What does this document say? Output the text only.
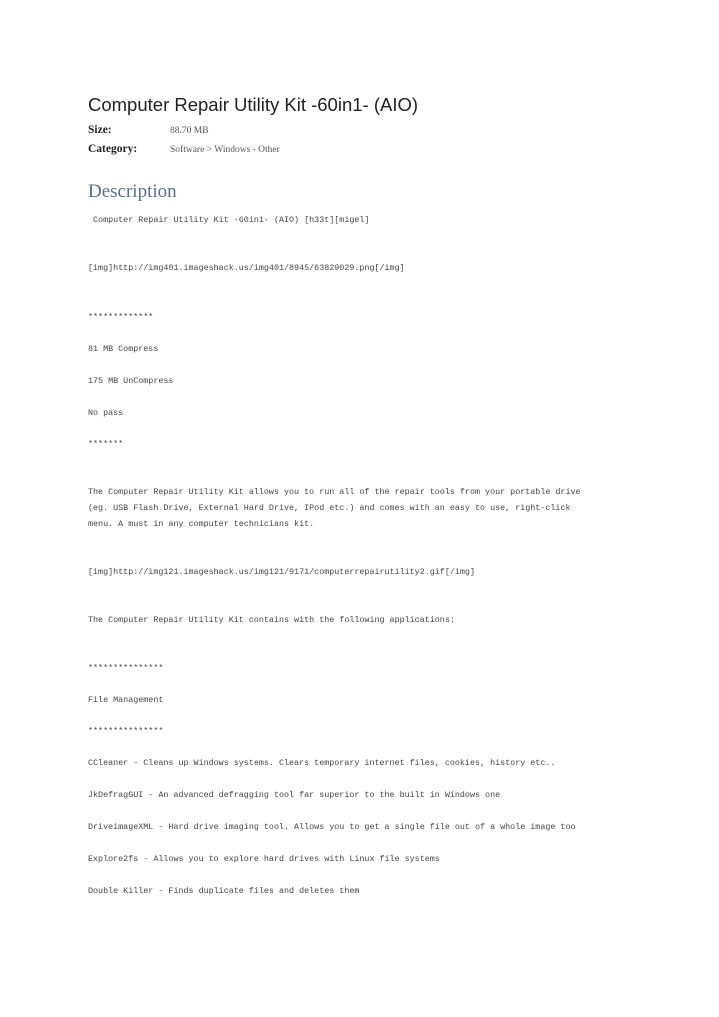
Computer Repair Utility Kit -60in1- (AIO)
Size:	88.70 MB
Category:	Software > Windows - Other
Description
Computer Repair Utility Kit -60in1- (AIO) [h33t][migel]
[img]http://img401.imageshack.us/img401/8945/63829029.png[/img]
*************
81 MB Compress
175 MB UnCompress
No pass
*******
The Computer Repair Utility Kit allows you to run all of the repair tools from your portable drive
(eg. USB Flash Drive, External Hard Drive, IPod etc.) and comes with an easy to use, right-click
menu. A must in any computer technicians kit.
[img]http://img121.imageshack.us/img121/9171/computerrepairutility2.gif[/img]
The Computer Repair Utility Kit contains with the following applications:
***************
File Management
***************
CCleaner - Cleans up Windows systems. Clears temporary internet files, cookies, history etc..
JkDefragGUI - An advanced defragging tool far superior to the built in Windows one
DriveimageXML - Hard drive imaging tool. Allows you to get a single file out of a whole image too
Explore2fs - Allows you to explore hard drives with Linux file systems
Double Killer - Finds duplicate files and deletes them
